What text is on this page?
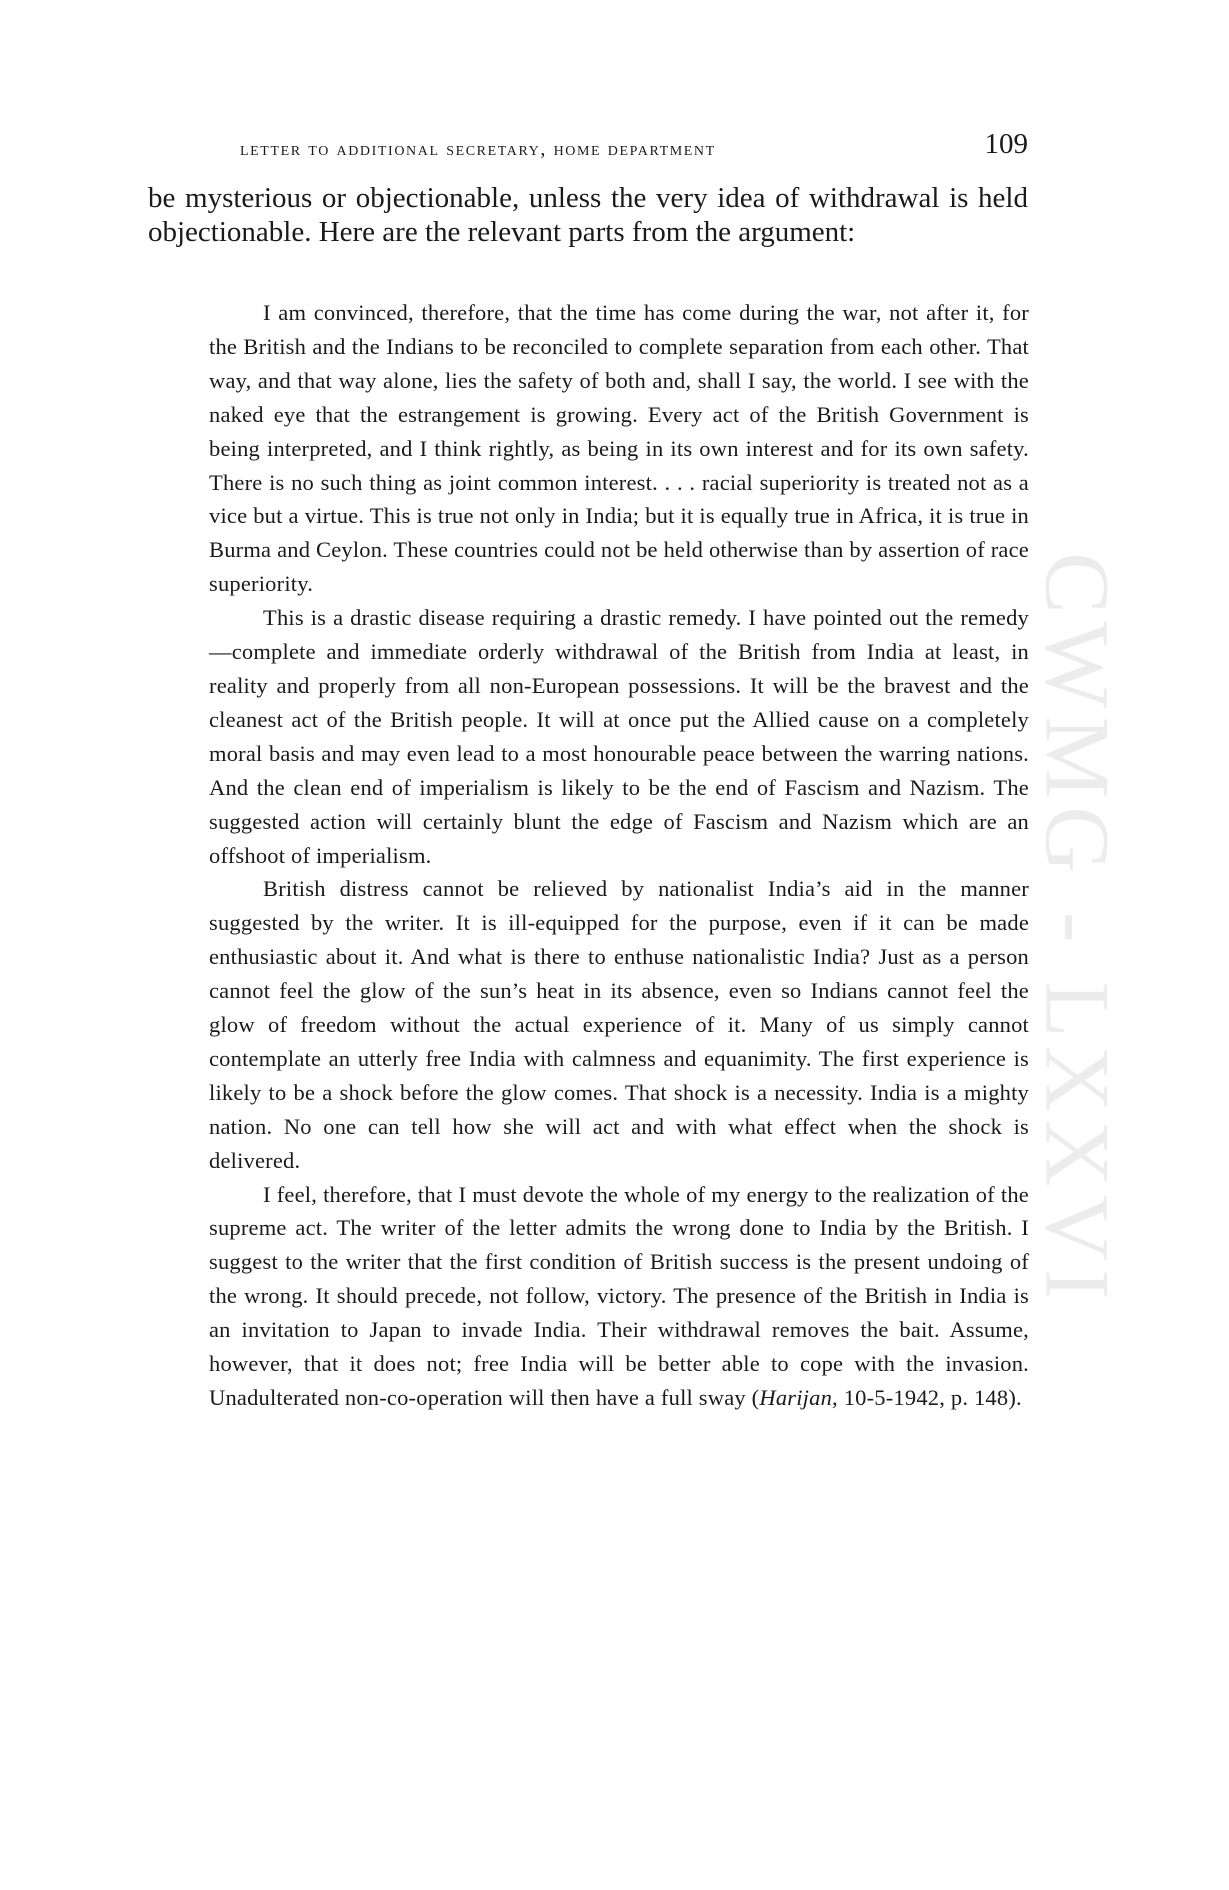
CWMG - LXXVI
letter to additional secretary, home department	109

be mysterious or objectionable, unless the very idea of withdrawal is held objectionable. Here are the relevant parts from the argument:

I am convinced, therefore, that the time has come during the war, not after it, for the British and the Indians to be reconciled to complete separation from each other. That way, and that way alone, lies the safety of both and, shall I say, the world. I see with the naked eye that the estrangement is growing. Every act of the British Government is being interpreted, and I think rightly, as being in its own interest and for its own safety. There is no such thing as joint common interest. . . . racial superiority is treated not as a vice but a virtue. This is true not only in India; but it is equally true in Africa, it is true in Burma and Ceylon. These countries could not be held otherwise than by assertion of race superiority.

This is a drastic disease requiring a drastic remedy. I have pointed out the remedy—complete and immediate orderly withdrawal of the British from India at least, in reality and properly from all non-European possessions. It will be the bravest and the cleanest act of the British people. It will at once put the Allied cause on a completely moral basis and may even lead to a most honourable peace between the warring nations. And the clean end of imperialism is likely to be the end of Fascism and Nazism. The suggested action will certainly blunt the edge of Fascism and Nazism which are an offshoot of imperialism.

British distress cannot be relieved by nationalist India’s aid in the manner suggested by the writer. It is ill-equipped for the purpose, even if it can be made enthusiastic about it. And what is there to enthuse nationalistic India? Just as a person cannot feel the glow of the sun’s heat in its absence, even so Indians cannot feel the glow of freedom without the actual experience of it. Many of us simply cannot contemplate an utterly free India with calmness and equanimity. The first experience is likely to be a shock before the glow comes. That shock is a necessity. India is a mighty nation. No one can tell how she will act and with what effect when the shock is delivered.

I feel, therefore, that I must devote the whole of my energy to the realization of the supreme act. The writer of the letter admits the wrong done to India by the British. I suggest to the writer that the first condition of British success is the present undoing of the wrong. It should precede, not follow, victory. The presence of the British in India is an invitation to Japan to invade India. Their withdrawal removes the bait. Assume, however, that it does not; free India will be better able to cope with the invasion. Unadulterated non-co-operation will then have a full sway (Harijan, 10-5-1942, p. 148).
